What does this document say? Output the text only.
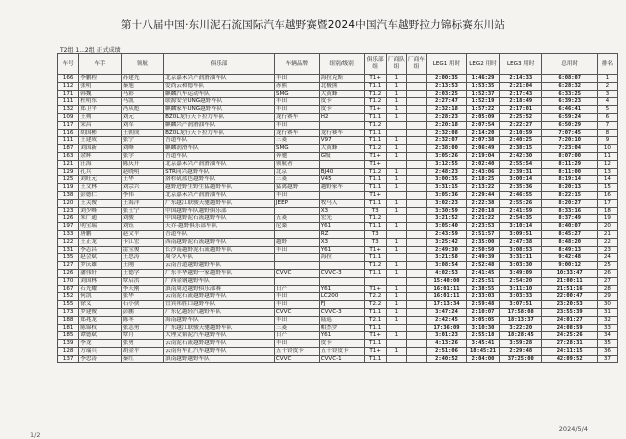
第十八届中国·东川泥石流国际汽车越野赛暨2024中国汽车越野拉力锦标赛东川站
T2组 1...2组 正式成绩
车号	车手	领航	俱乐部	车辆品牌	组别/级别	俱乐部组	厂商队组	厂商车组	LEG1 用时	LEG2 用时	LEG3 用时	总用时	排名
166	李鹏程	苏建光	北京嘉禾兴产润滑油车队	丰田	海拉克斯	T1+	1		2:00:35	1:46:29	2:14:33	6:08:07	1
112	张明	秦旭	爱尚云和德车队	赤熊	北极熊	T1.1	1		2:13:53	1:53:35	2:21:04	6:28:32	2
171	韩魏	马彩	麒麟汽车运动车队	SMG	大黄蜂	T1.2	1		2:03:25	1:52:37	2:17:43	6:33:25	3
111	杜明东	马凯	联源安全UNG越野车队	丰田	皮卡	T1.2	1		2:27:47	1:52:19	2:18:49	6:39:23	4
132	郑卫平	冯从彪	麒麟家车UNG越野车队	丰田	皮卡	T1+	1		2:32:18	1:57:22	2:17:01	6:46:41	5
109	王朔	刘元	BZ0L龙行天下拉力车队	龙行赛车	H2	T1.1	1		2:28:23	2:05:09	2:25:52	6:59:24	6
117	宋昌	刘军	麒麟兴产润滑油车队	丰田		T1.2			2:20:18	2:07:54	2:22:27	6:50:29	7
116	胡国彬	王朝成	BZ0L龙行天下拉力车队	龙行赛车	龙行赛车	T1.1			2:32:08	2:14:20	2:10:59	7:07:45	8
111	王建成	张宁	吾道车队	三菱	V97	T1.1	1		2:32:07	2:07:38	2:40:25	7:20:10	9
187	刘国新	刘峰	麒麟润滑车队	SMG	大黄蜂	T1.2	1		2:38:00	2:06:49	2:38:15	7:23:04	10
163	余辉	张学	吾道车队	奔驰	G级	T1+	1		3:05:26	2:19:04	2:42:30	8:07:00	11
121	汪海	陈庆开	北京嘉禾兴产润滑油车队	领航者		T1+			3:12:55	2:02:40	2:55:54	8:11:29	12
129	孔兵	赵晓明	STR同兴越野车队	北京	BJ40	T1.2	1		2:48:23	2:43:06	2:39:31	8:11:00	13
125	刘旺元	王华	洛杉矶蓝色越野车队	三菱	V45	T1.1	1		3:00:35	2:18:25	3:00:14	8:19:14	14
119	王文林	刘宗兴	越野进野生野生猛越野车队	猛禽越野	越野家车	T1.1	1		3:31:15	2:13:22	2:35:36	8:20:13	15
138	彭德仁	李伟	北京嘉禾兴产润滑油车队	丰田		T1+			3:05:36	2:29:44	2:46:55	8:22:15	16
120	王关俊	王海洋	广东越江联骏天驰越野车队	JEEP	牧马人	T1.1	1		3:02:23	2:22:38	2:55:26	8:20:27	17
123	刘少峰	张士宁	中国越野车队越野俱乐部		X3	T3	1		3:30:59	2:20:18	2:41:59	8:33:16	18
126	朱广通	刘骏	中国越野泥石流越野车队	五菱	宏光	T1.2			3:21:52	2:21:22	2:54:35	8:37:49	19
197	明宝瑞	刘钰	天乔·越野俱乐部车队	尼桑	Y61	T1.1	1		3:05:40	2:23:53	3:10:14	8:40:07	20
133	唐鹏	赵文平	吾道车队		RZ	T3			2:43:59	2:51:57	3:09:51	8:45:27	21
122	王正龙	卡江宏	西南越野泥石流越野车队	越野	X3	T3	1		3:25:42	2:35:00	2:47:38	8:48:20	22
131	李志昌	雷宝俊	长沙南越野泥石流越野车队	丰田	Y61	T1+	1		2:49:30	2:50:50	3:08:53	8:49:13	23
135	赵会斌	王思涛	周令入车队		海拉	T1.1			3:21:58	2:49:39	3:31:11	9:42:48	24
127	罗庆雄	王刚	云南吾道越野越野车队			T1.2	1		3:08:54	2:52:48	3:03:30	9:00:12	25
126	潘伟轩	王德学	广东丰华越野一家越野车队	CVVC	CVVC-3	T1.1	1		4:02:53	2:41:45	3:49:09	10:33:47	26
170	刘国林	覃启洪	广西金钢越野车队						15:40:00	2:25:51	2:54:20	21:00:11	27
167	石光耀	李天刚	滇南周边越野俱乐部赛	日产	Y61	T1+	1		16:01:11	2:38:55	3:11:10	21:51:16	28
152	何凯	张华	云南泥石流越野越野车队	丰田	LC200	T2.2	1		16:01:11	2:33:03	3:03:33	22:00:47	29
155	徐义	石小侠	宜宾邦胜口越野车队	丰田	FJ	T2.2	1		17:13:34	2:59:48	3:07:51	23:20:53	30
173	罗建俊	彭鹏	广东亿越轻汽越野车队	CVVC	CVVC-3	T1.1	1		3:47:24	2:10:07	17:58:08	23:55:39	31
188	郑兆龙	陈冬	海南越野车队	丰田	陆巡	T2.1	1		2:42:45	3:05:05	18:13:37	24:01:27	32
181	陈锦权	张志勇	广东越江联骏天驰越野车队	三菱	帕杰罗	T1.1			17:36:09	3:10:30	3:22:20	24:08:59	33
185	谭德斌	覃月	大理文韬泥汽车越野车队	日产	Y61	T1+	1		3:01:23	2:55:18	18:28:45	24:25:26	34
139	李龙	张勇	云南泥石流越野越野车队	丰田	皮卡	T1.1			4:13:26	3:45:41	3:59:28	27:28:31	35
128	方瑞兵	胡金平	云南有车汇汽车越野车队	五十铃皮卡	五十铃皮卡	T1+	1		2:51:06	18:45:21	2:29:48	24:11:15	36
137	李忠涛	秦红	滇南越野越野车队	CVVC	CVVC-1	T1.1			2:40:52	2:04:00	37:25:00	42:09:52	37
2024/5/4
1/2
